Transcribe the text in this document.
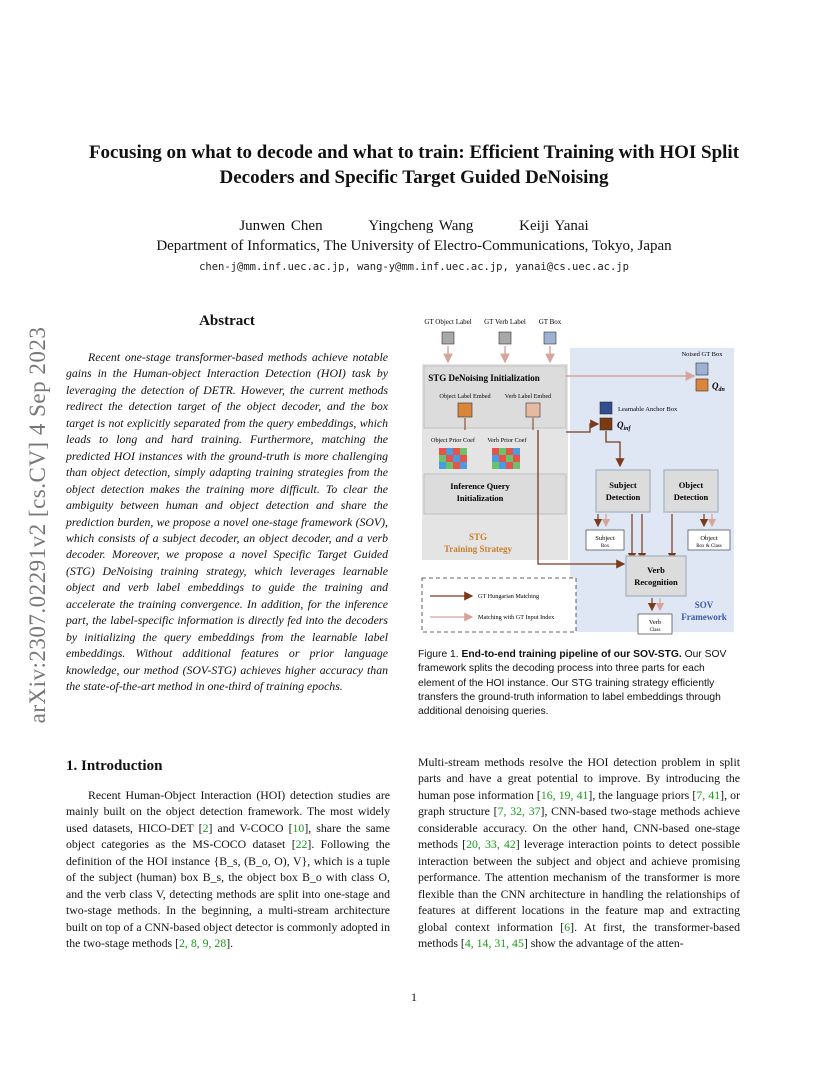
arXiv:2307.02291v2 [cs.CV] 4 Sep 2023
Focusing on what to decode and what to train: Efficient Training with HOI Split
Decoders and Specific Target Guided DeNoising
Junwen Chen	Yingcheng Wang	Keiji Yanai
Department of Informatics, The University of Electro-Communications, Tokyo, Japan
chen-j@mm.inf.uec.ac.jp, wang-y@mm.inf.uec.ac.jp, yanai@cs.uec.ac.jp
Abstract

Recent one-stage transformer-based methods achieve notable gains in the Human-object Interaction Detection (HOI) task by leveraging the detection of DETR. However, the current methods redirect the detection target of the object decoder, and the box target is not explicitly separated from the query embeddings, which leads to long and hard training. Furthermore, matching the predicted HOI instances with the ground-truth is more challenging than object detection, simply adapting training strategies from the object detection makes the training more difficult. To clear the ambiguity between human and object detection and share the prediction burden, we propose a novel one-stage framework (SOV), which consists of a subject decoder, an object decoder, and a verb decoder. Moreover, we propose a novel Specific Target Guided (STG) DeNoising training strategy, which leverages learnable object and verb label embeddings to guide the training and accelerate the training convergence. In addition, for the inference part, the label-specific information is directly fed into the decoders by initializing the query embeddings from the learnable label embeddings. Without additional features or prior language knowledge, our method (SOV-STG) achieves higher accuracy than the state-of-the-art method in one-third of training epochs.

GT Object Label GT Verb Label GT Box
Noised GT Box
$Q_{dn}$
STG DeNoising Initialization
Object Label Embed Verb Label Embed
Learnable Anchor Box
$Q_{inf}$
Object Prior Coef Verb Prior Coef
Inference Query
Initialization
STG
Training Strategy
Subject
Detection
Object
Detection
Subject
Box
Object
Box & Class
Verb
Recognition
Verb
Class
SOV
Framework
GT Hungarian Matching
Matching with GT Input Index

Figure 1. End-to-end training pipeline of our SOV-STG. Our SOV framework splits the decoding process into three parts for each element of the HOI instance. Our STG training strategy efficiently transfers the ground-truth information to label embeddings through additional denoising queries.

1. Introduction

Recent Human-Object Interaction (HOI) detection studies are mainly built on the object detection framework. The most widely used datasets, HICO-DET [2] and V-COCO [10], share the same object categories as the MS-COCO dataset [22]. Following the definition of the HOI instance {B_s, (B_o, O), V}, which is a tuple of the subject (human) box B_s, the object box B_o with class O, and the verb class V, detecting methods are split into one-stage and two-stage methods. In the beginning, a multi-stream architecture built on top of a CNN-based object detector is commonly adopted in the two-stage methods [2, 8, 9, 28].

Multi-stream methods resolve the HOI detection problem in split parts and have a great potential to improve. By introducing the human pose information [16, 19, 41], the language priors [7, 41], or graph structure [7, 32, 37], CNN-based two-stage methods achieve considerable accuracy. On the other hand, CNN-based one-stage methods [20, 33, 42] leverage interaction points to detect possible interaction between the subject and object and achieve promising performance. The attention mechanism of the transformer is more flexible than the CNN architecture in handling the relationships of features at different locations in the feature map and extracting global context information [6]. At first, the transformer-based methods [4, 14, 31, 45] show the advantage of the atten-

1
